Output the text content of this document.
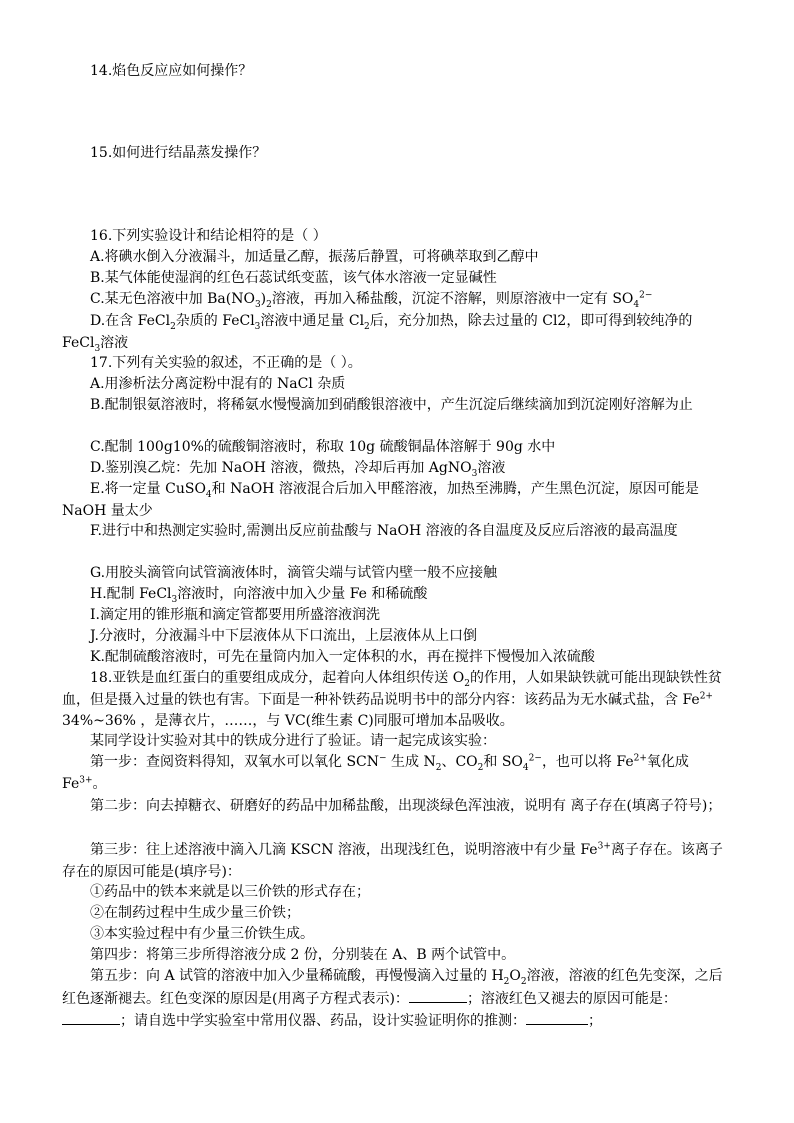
14.焰色反应应如何操作？

15.如何进行结晶蒸发操作？

16.下列实验设计和结论相符的是（ ）

A.将碘水倒入分液漏斗，加适量乙醇，振荡后静置，可将碘萃取到乙醇中

B.某气体能使湿润的红色石蕊试纸变蓝，该气体水溶液一定显碱性

C.某无色溶液中加 $Ba(NO_3)_2$溶液，再加入稀盐酸，沉淀不溶解，则原溶液中一定有 $SO_4^{2-}$

D.在含 FeCl$_2$杂质的 FeCl$_3$溶液中通足量 $Cl_2$后，充分加热，除去过量的 Cl2，即可得到较纯净的 FeCl$_3$溶液

17.下列有关实验的叙述，不正确的是（ ）。

A.用渗析法分离淀粉中混有的 NaCl 杂质

B.配制银氨溶液时，将稀氨水慢慢滴加到硝酸银溶液中，产生沉淀后继续滴加到沉淀刚好溶解为止

C.配制 100g10%的硫酸铜溶液时，称取 10g 硫酸铜晶体溶解于 90g 水中

D.鉴别溴乙烷：先加 NaOH 溶液，微热，冷却后再加 AgNO$_3$溶液

E.将一定量 CuSO$_4$和 NaOH 溶液混合后加入甲醛溶液，加热至沸腾，产生黑色沉淀，原因可能是 NaOH 量太少

F.进行中和热测定实验时,需测出反应前盐酸与 NaOH 溶液的各自温度及反应后溶液的最高温度

G.用胶头滴管向试管滴液体时，滴管尖端与试管内壁一般不应接触

H.配制 FeCl$_3$溶液时，向溶液中加入少量 Fe 和稀硫酸

I.滴定用的锥形瓶和滴定管都要用所盛溶液润洗

J.分液时，分液漏斗中下层液体从下口流出，上层液体从上口倒

K.配制硫酸溶液时，可先在量筒内加入一定体积的水，再在搅拌下慢慢加入浓硫酸

18.亚铁是血红蛋白的重要组成成分，起着向人体组织传送 $O_2$的作用，人如果缺铁就可能出现缺铁性贫血，但是摄入过量的铁也有害。下面是一种补铁药品说明书中的部分内容：该药品为无水碱式盐，含 $Fe^{2+}$ 34%~36% ，是薄衣片，……，与 VC(维生素 C)同服可增加本品吸收。

某同学设计实验对其中的铁成分进行了验证。请一起完成该实验：

第一步：查阅资料得知，双氧水可以氧化 SCN− 生成 $N_2$、$CO_2$和 $SO_4^{2-}$，也可以将 $Fe^{2+}$氧化成 $Fe^{3+}$。

第二步：向去掉糖衣、研磨好的药品中加稀盐酸，出现淡绿色浑浊液，说明有 离子存在(填离子符号)；

第三步：往上述溶液中滴入几滴 KSCN 溶液，出现浅红色，说明溶液中有少量 $Fe^{3+}$离子存在。该离子存在的原因可能是(填序号)：

①药品中的铁本来就是以三价铁的形式存在；

②在制药过程中生成少量三价铁；

③本实验过程中有少量三价铁生成。

第四步：将第三步所得溶液分成 2 份，分别装在 A、B 两个试管中。

第五步：向 A 试管的溶液中加入少量稀硫酸，再慢慢滴入过量的 $H_2O_2$溶液，溶液的红色先变深，之后红色逐渐褪去。红色变深的原因是(用离子方程式表示)：	；溶液红色又褪去的原因可能是：；请自选中学实验室中常用仪器、药品，设计实验证明你的推测：	；
